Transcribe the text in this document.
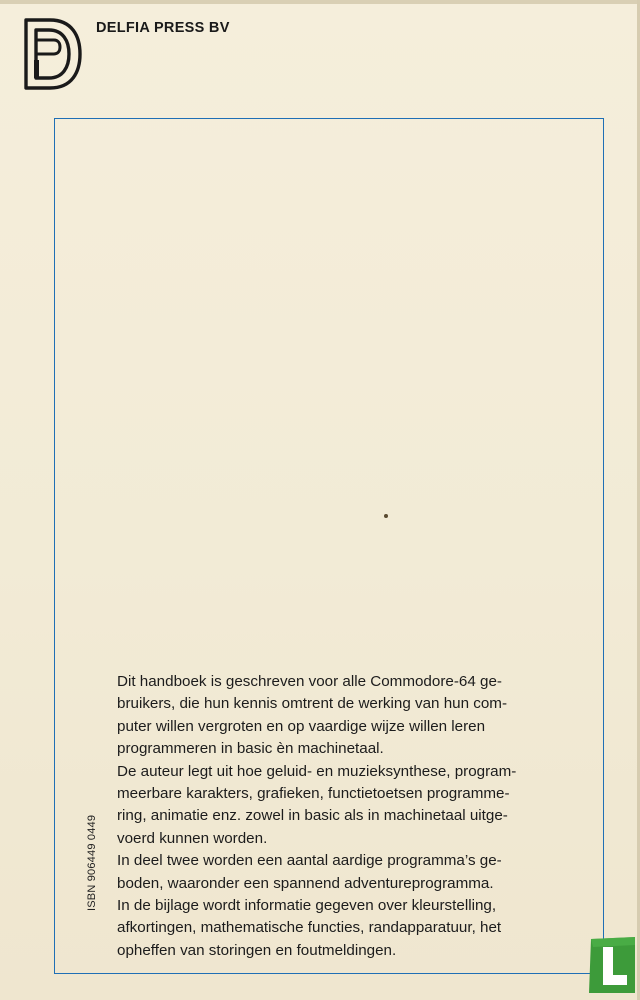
DELFIA PRESS BV

Dit handboek is geschreven voor alle Commodore-64 ge-
bruikers, die hun kennis omtrent de werking van hun com-
puter willen vergroten en op vaardige wijze willen leren
programmeren in basic èn machinetaal.

De auteur legt uit hoe geluid- en muzieksynthese, program-
meerbare karakters, grafieken, functietoetsen programme-
ring, animatie enz. zowel in basic als in machinetaal uitge-
voerd kunnen worden.

In deel twee worden een aantal aardige programma’s ge-
boden, waaronder een spannend adventureprogramma.

In de bijlage wordt informatie gegeven over kleurstelling,
afkortingen, mathematische functies, randapparatuur, het
opheffen van storingen en foutmeldingen.

ISBN 906449 0449
